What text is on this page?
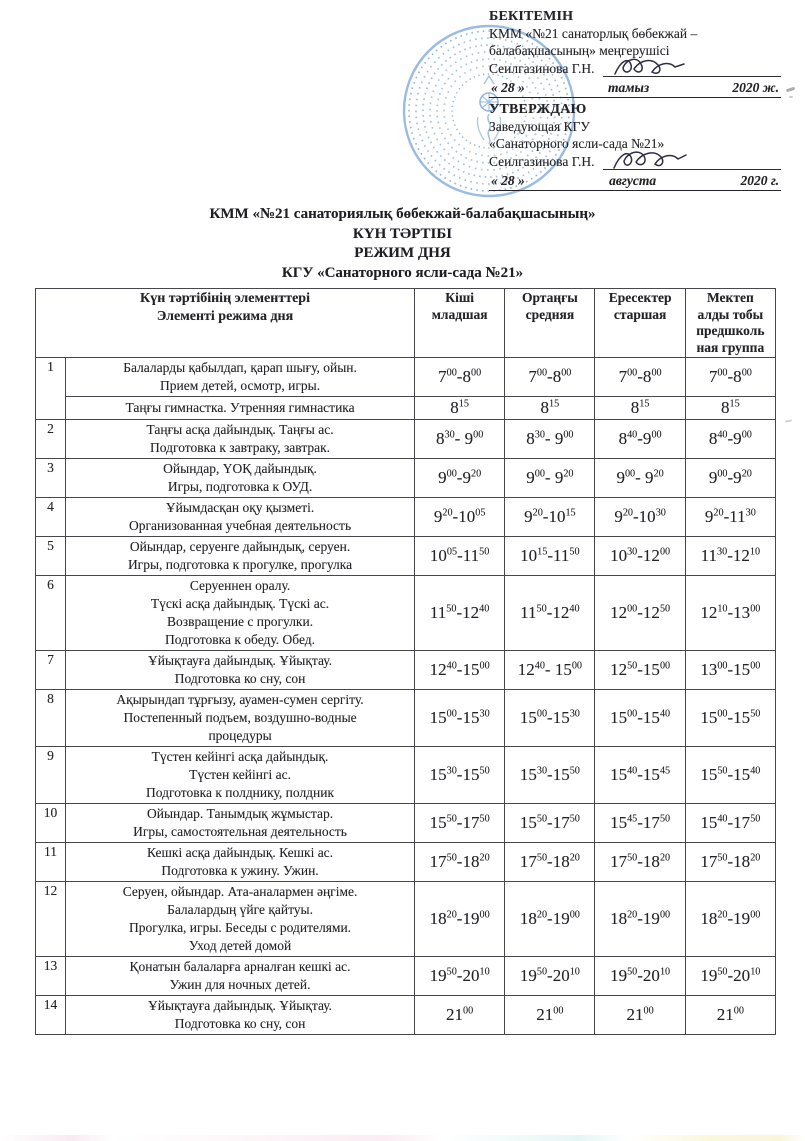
БЕКІТЕМІН
КММ «№21 санаторлық бөбекжай –
балабақшасының» меңгерушісі
Сеилгазинова Г.Н.
« 28 »	тамыз	2020 ж.
УТВЕРЖДАЮ
Заведующая КГУ
«Санаторного ясли-сада №21»
Сеилгазинова Г.Н.
« 28 »	августа	2020 г.
КММ «№21 санаториялық бөбекжай-балабақшасының»
КҮН ТӘРТІБІ
РЕЖИМ ДНЯ
КГУ «Санаторного ясли-сада №21»
Күн тәртібінің элементтері
Элементі режима дня

Кіші
младшая

Ортаңғы
средняя

Ересектер
старшая

Мектеп
алды тобы
предшколь
ная группа

1	Балаларды қабылдап, қарап шығу, ойын.
Прием детей, осмотр, игры.	$7^{00}-8^{00}$	$7^{00}-8^{00}$	$7^{00}-8^{00}$	$7^{00}-8^{00}$

	Таңғы гимнастка. Утренняя гимнастика	$8^{15}$	$8^{15}$	$8^{15}$	$8^{15}$
2	Таңғы асқа дайындық. Таңғы ас.
Подготовка к завтраку, завтрак.	$8^{30}-$ $9^{00}$	$8^{30}-$ $9^{00}$	$8^{40}-9^{00}$	$8^{40}-9^{00}$
3	Ойындар, ҮОҚ дайындық.
Игры, подготовка к ОУД.	$9^{00}-9^{20}$	$9^{00}-$ $9^{20}$	$9^{00}-$ $9^{20}$	$9^{00}-9^{20}$
4	Ұйымдасқан оқу қызметі.
Организованная учебная деятельность	$9^{20}-10^{05}$	$9^{20}-10^{15}$	$9^{20}-10^{30}$	$9^{20}-11^{30}$
5	Ойындар, серуенге дайындық, серуен.
Игры, подготовка к прогулке, прогулка	$10^{05}-11^{50}$	$10^{15}-11^{50}$	$10^{30}-12^{00}$	$11^{30}-12^{10}$
6	Серуеннен оралу.
Түскі асқа дайындық. Түскі ас.
Возвращение с прогулки.
Подготовка к обеду. Обед.	$11^{50}-12^{40}$	$11^{50}-12^{40}$	$12^{00}-12^{50}$	$12^{10}-13^{00}$
7	Ұйықтауға дайындық. Ұйықтау.
Подготовка ко сну, сон	$12^{40}-15^{00}$	$12^{40}-$ $15^{00}$	$12^{50}-15^{00}$	$13^{00}-15^{00}$
8	Ақырындап тұрғызу, ауамен-сумен сергіту.
Постепенный подъем, воздушно-водные
процедуры	$15^{00}-15^{30}$	$15^{00}-15^{30}$	$15^{00}-15^{40}$	$15^{00}-15^{50}$
9	Түстен кейінгі асқа дайындық.
Түстен кейінгі ас.
Подготовка к полднику, полдник	$15^{30}-15^{50}$	$15^{30}-15^{50}$	$15^{40}-15^{45}$	$15^{50}-15^{40}$
10	Ойындар. Танымдық жұмыстар.
Игры, самостоятельная деятельность	$15^{50}-17^{50}$	$15^{50}-17^{50}$	$15^{45}-17^{50}$	$15^{40}-17^{50}$
11	Кешкі асқа дайындық. Кешкі ас.
Подготовка к ужину. Ужин.	$17^{50}-18^{20}$	$17^{50}-18^{20}$	$17^{50}-18^{20}$	$17^{50}-18^{20}$
12	Серуен, ойындар. Ата-аналармен әңгіме.
Балалардың үйге қайтуы.
Прогулка, игры. Беседы с родителями.
Уход детей домой	$18^{20}-19^{00}$	$18^{20}-19^{00}$	$18^{20}-19^{00}$	$18^{20}-19^{00}$
13	Қонатын балаларға арналған кешкі ас.
Ужин для ночных детей.	$19^{50}-20^{10}$	$19^{50}-20^{10}$	$19^{50}-20^{10}$	$19^{50}-20^{10}$
14	Ұйықтауға дайындық. Ұйықтау.
Подготовка ко сну, сон	$21^{00}$	$21^{00}$	$21^{00}$	$21^{00}$
